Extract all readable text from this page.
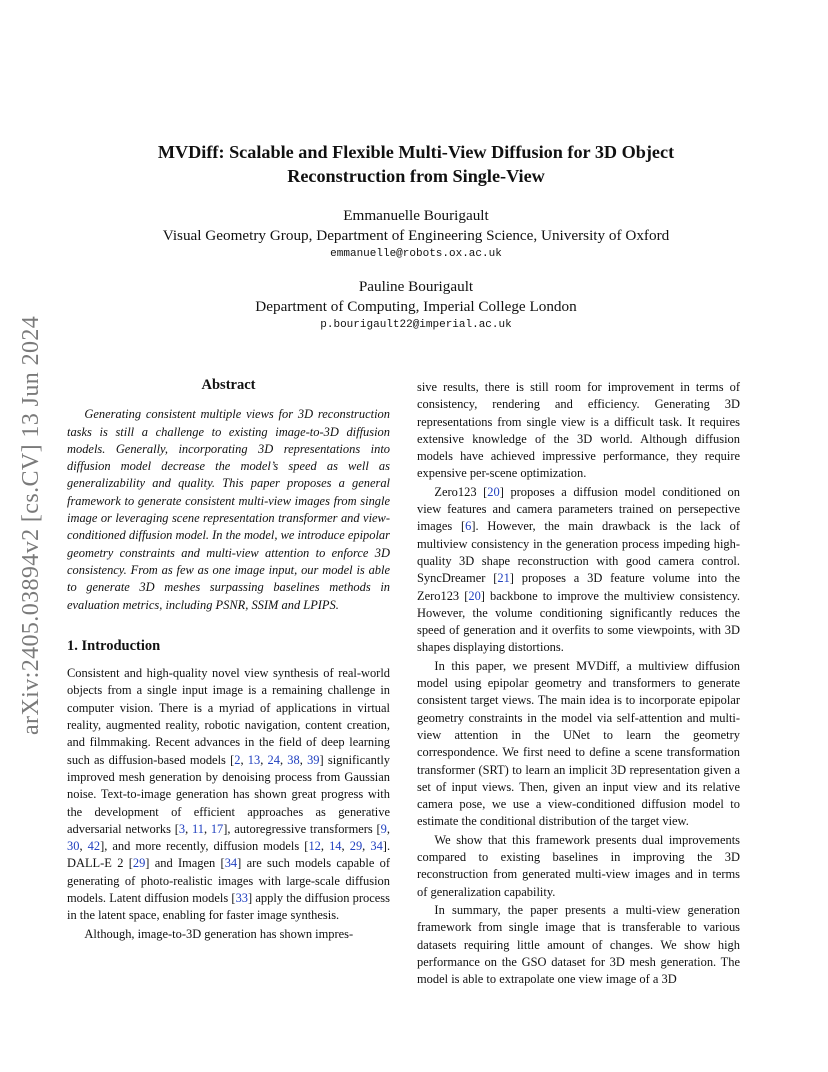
arXiv:2405.03894v2 [cs.CV] 13 Jun 2024
MVDiff: Scalable and Flexible Multi-View Diffusion for 3D Object
Reconstruction from Single-View
Emmanuelle Bourigault
Visual Geometry Group, Department of Engineering Science, University of Oxford
emmanuelle@robots.ox.ac.uk
Pauline Bourigault
Department of Computing, Imperial College London
p.bourigault22@imperial.ac.uk
Abstract

Generating consistent multiple views for 3D reconstruction tasks is still a challenge to existing image-to-3D diffusion models. Generally, incorporating 3D representations into diffusion model decrease the model’s speed as well as generalizability and quality. This paper proposes a general framework to generate consistent multi-view images from single image or leveraging scene representation transformer and view-conditioned diffusion model. In the model, we introduce epipolar geometry constraints and multi-view attention to enforce 3D consistency. From as few as one image input, our model is able to generate 3D meshes surpassing baselines methods in evaluation metrics, including PSNR, SSIM and LPIPS.

1. Introduction

Consistent and high-quality novel view synthesis of real-world objects from a single input image is a remaining challenge in computer vision. There is a myriad of applications in virtual reality, augmented reality, robotic navigation, content creation, and filmmaking. Recent advances in the field of deep learning such as diffusion-based models [2, 13, 24, 38, 39] significantly improved mesh generation by denoising process from Gaussian noise. Text-to-image generation has shown great progress with the development of efficient approaches as generative adversarial networks [3, 11, 17], autoregressive transformers [9, 30, 42], and more recently, diffusion models [12, 14, 29, 34]. DALL-E 2 [29] and Imagen [34] are such models capable of generating of photo-realistic images with large-scale diffusion models. Latent diffusion models [33] apply the diffusion process in the latent space, enabling for faster image synthesis.

Although, image-to-3D generation has shown impres-

sive results, there is still room for improvement in terms of consistency, rendering and efficiency. Generating 3D representations from single view is a difficult task. It requires extensive knowledge of the 3D world. Although diffusion models have achieved impressive performance, they require expensive per-scene optimization.

Zero123 [20] proposes a diffusion model conditioned on view features and camera parameters trained on persepective images [6]. However, the main drawback is the lack of multiview consistency in the generation process impeding high-quality 3D shape reconstruction with good camera control. SyncDreamer [21] proposes a 3D feature volume into the Zero123 [20] backbone to improve the multiview consistency. However, the volume conditioning significantly reduces the speed of generation and it overfits to some viewpoints, with 3D shapes displaying distortions.

In this paper, we present MVDiff, a multiview diffusion model using epipolar geometry and transformers to generate consistent target views. The main idea is to incorporate epipolar geometry constraints in the model via self-attention and multi-view attention in the UNet to learn the geometry correspondence. We first need to define a scene transformation transformer (SRT) to learn an implicit 3D representation given a set of input views. Then, given an input view and its relative camera pose, we use a view-conditioned diffusion model to estimate the conditional distribution of the target view.

We show that this framework presents dual improvements compared to existing baselines in improving the 3D reconstruction from generated multi-view images and in terms of generalization capability.

In summary, the paper presents a multi-view generation framework from single image that is transferable to various datasets requiring little amount of changes. We show high performance on the GSO dataset for 3D mesh generation. The model is able to extrapolate one view image of a 3D
